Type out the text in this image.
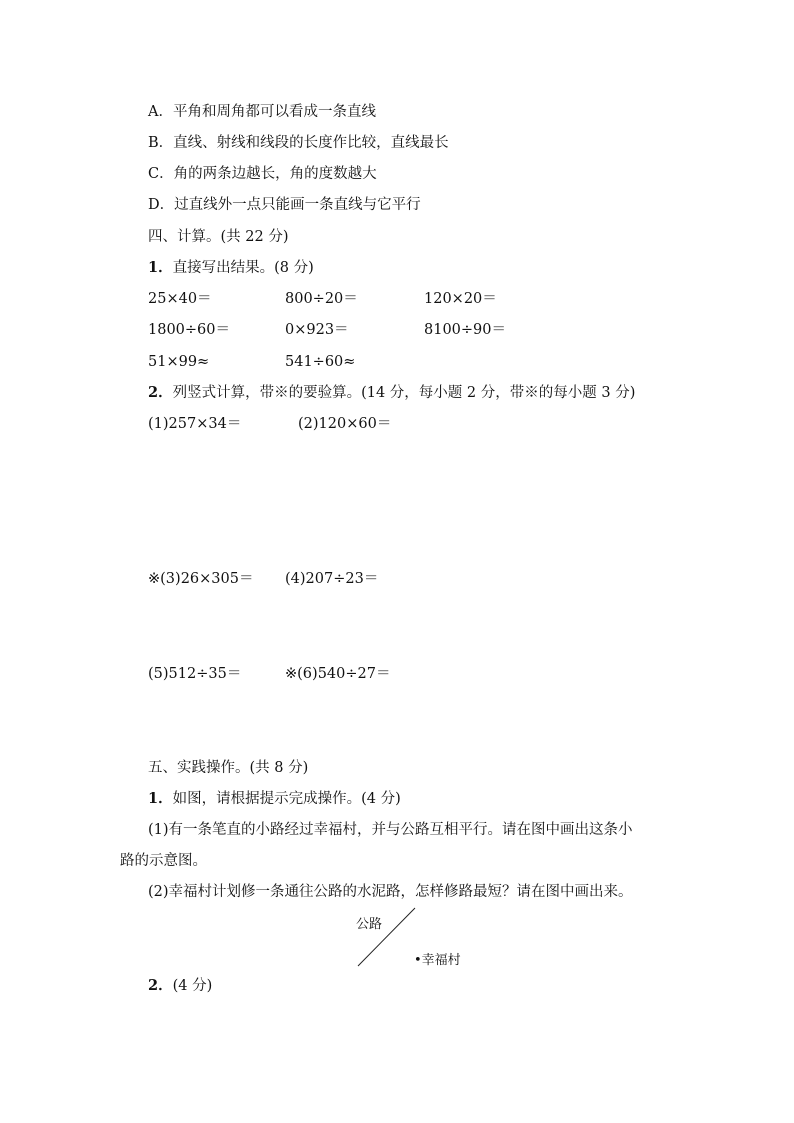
A．平角和周角都可以看成一条直线
B．直线、射线和线段的长度作比较，直线最长
C．角的两条边越长，角的度数越大
D．过直线外一点只能画一条直线与它平行
四、计算。(共 22 分)
1．直接写出结果。(8 分)
25×40＝	800÷20＝	120×20＝
1800÷60＝	0×923＝	8100÷90＝
51×99≈	541÷60≈
2．列竖式计算，带※的要验算。(14 分，每小题 2 分，带※的每小题 3 分)
(1)257×34＝	(2)120×60＝
※(3)26×305＝ (4)207÷23＝
(5)512÷35＝	※(6)540÷27＝
五、实践操作。(共 8 分)
1．如图，请根据提示完成操作。(4 分)
(1)有一条笔直的小路经过幸福村，并与公路互相平行。请在图中画出这条小
路的示意图。
(2)幸福村计划修一条通往公路的水泥路，怎样修路最短？请在图中画出来。
公路
•幸福村
2．(4 分)
